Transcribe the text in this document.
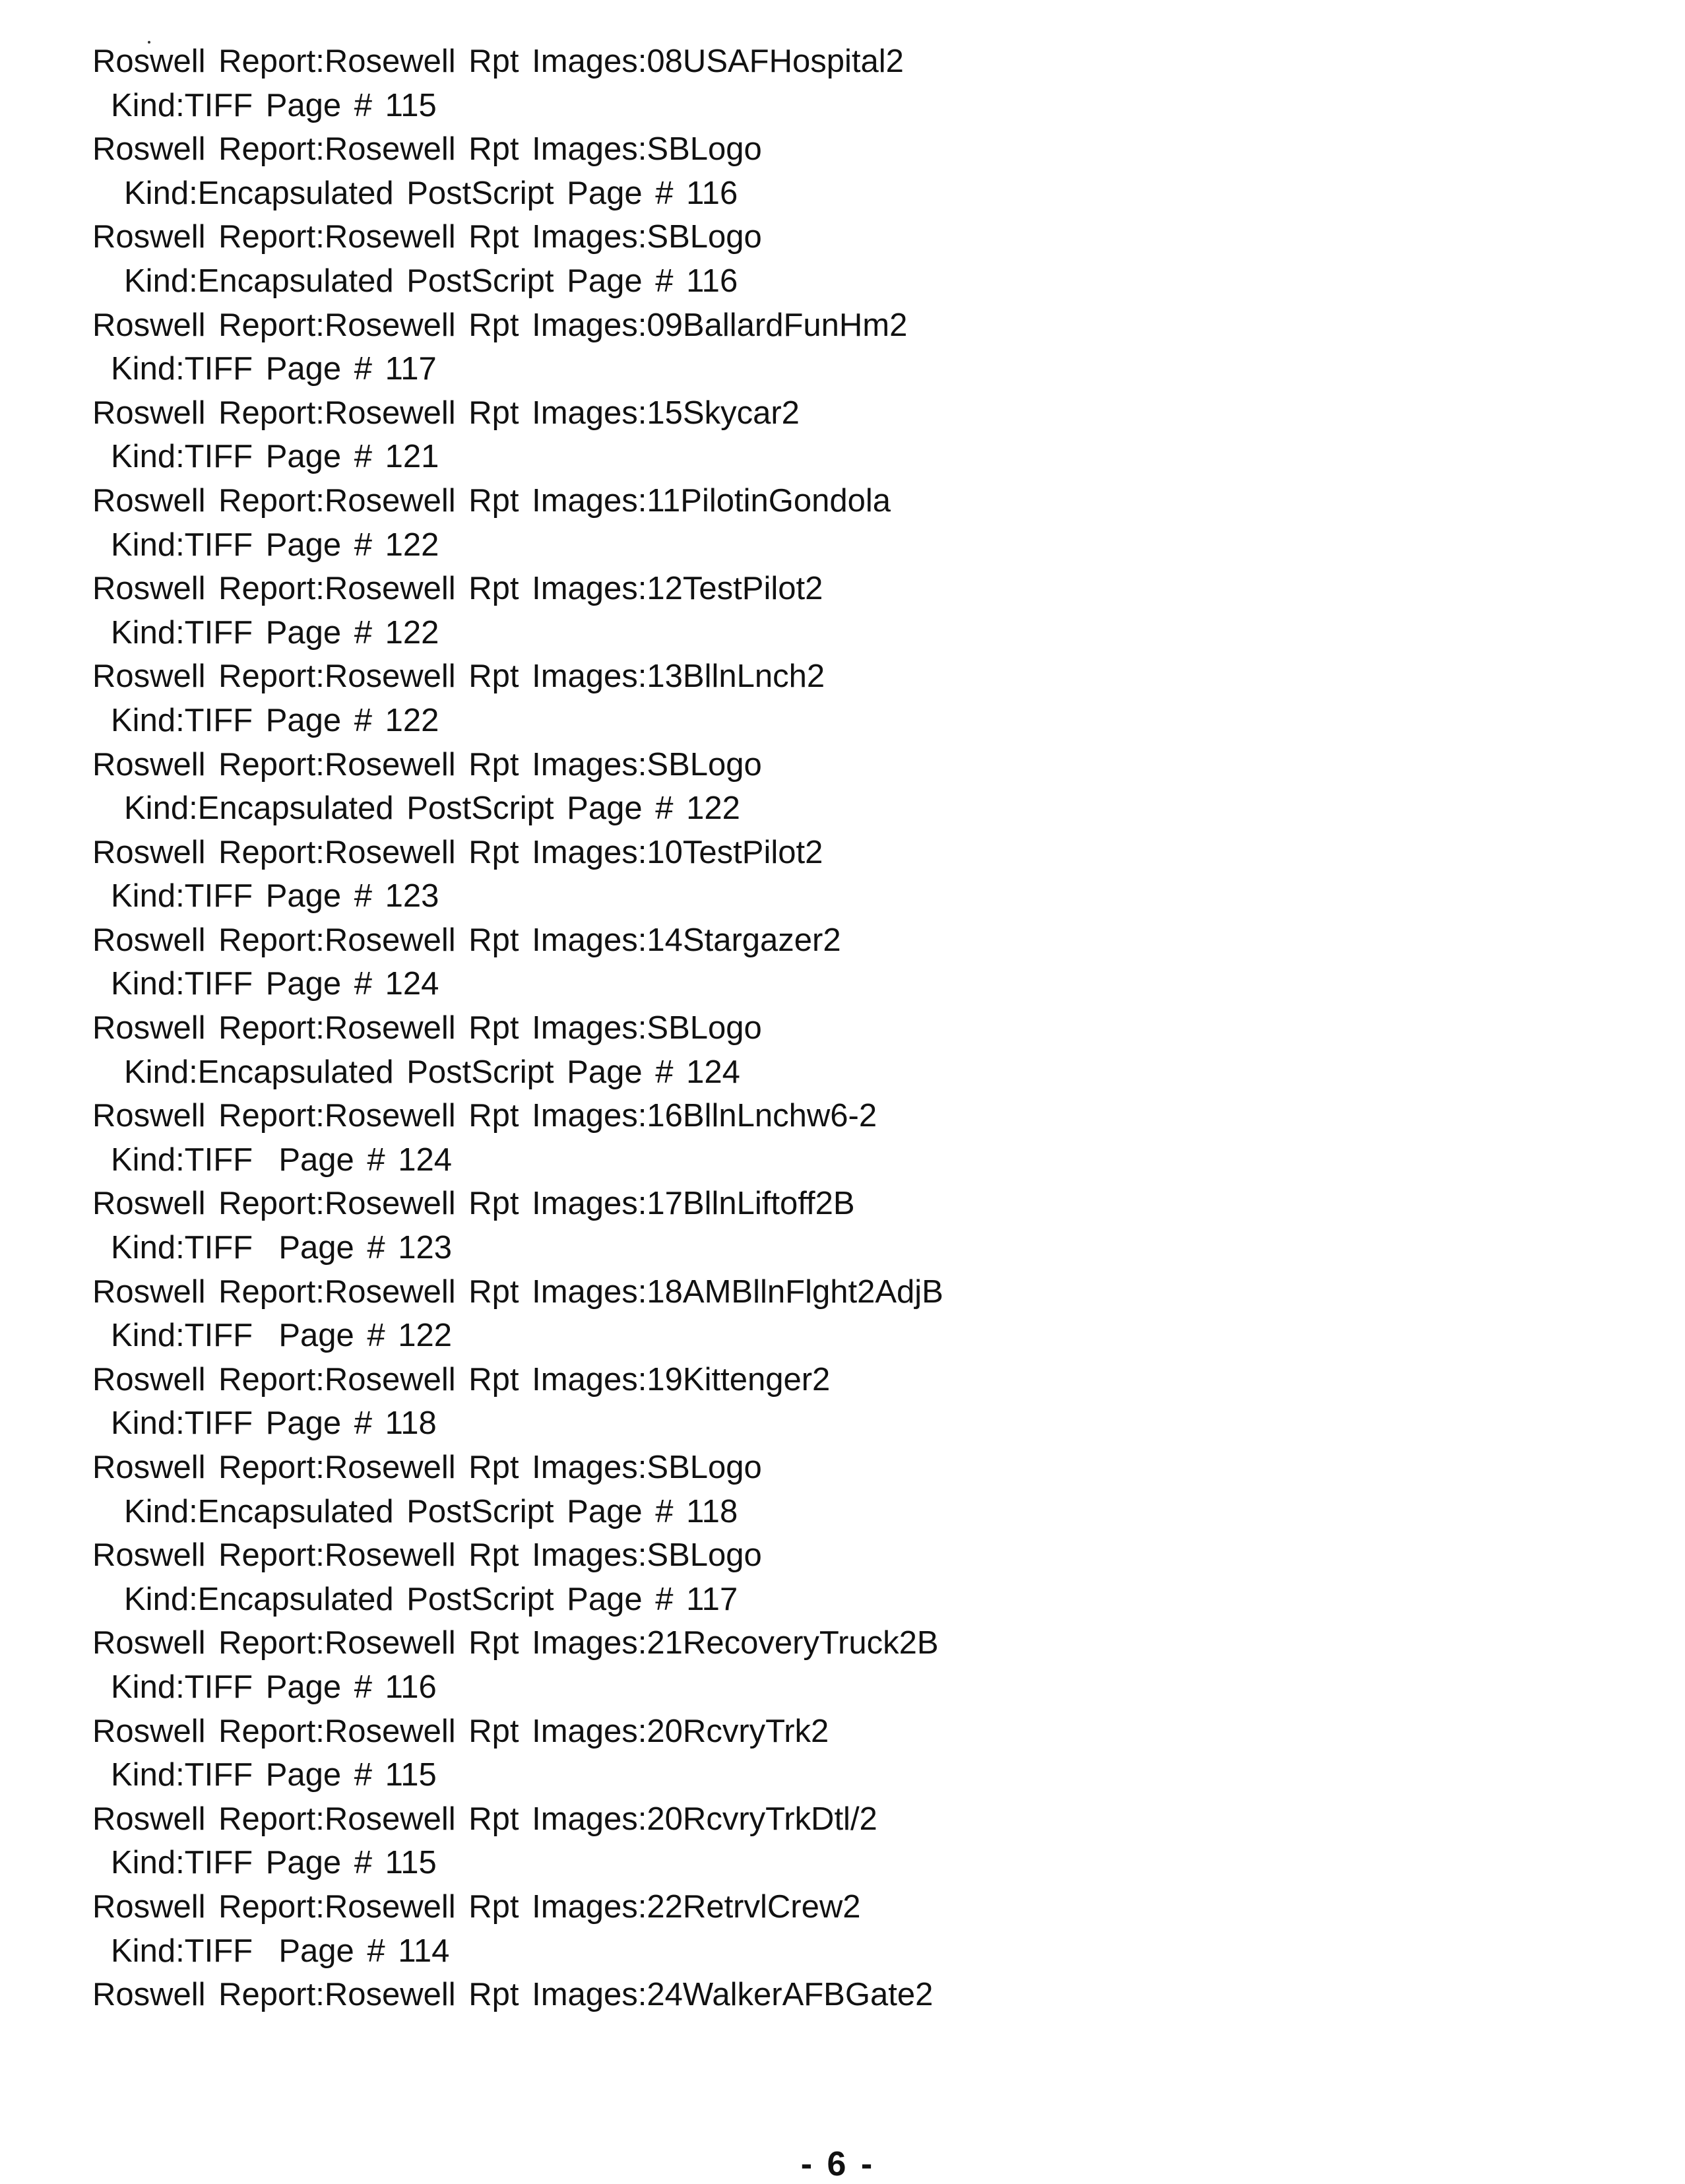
Roswell Report:Rosewell Rpt Images:08USAFHospital2
Kind:TIFF Page # 115
Roswell Report:Rosewell Rpt Images:SBLogo
Kind:Encapsulated PostScript Page # 116
Roswell Report:Rosewell Rpt Images:SBLogo
Kind:Encapsulated PostScript Page # 116
Roswell Report:Rosewell Rpt Images:09BallardFunHm2
Kind:TIFF Page # 117
Roswell Report:Rosewell Rpt Images:15Skycar2
Kind:TIFF Page # 121
Roswell Report:Rosewell Rpt Images:11PilotinGondola
Kind:TIFF Page # 122
Roswell Report:Rosewell Rpt Images:12TestPilot2
Kind:TIFF Page # 122
Roswell Report:Rosewell Rpt Images:13BllnLnch2
Kind:TIFF Page # 122
Roswell Report:Rosewell Rpt Images:SBLogo
Kind:Encapsulated PostScript Page # 122
Roswell Report:Rosewell Rpt Images:10TestPilot2
Kind:TIFF Page # 123
Roswell Report:Rosewell Rpt Images:14Stargazer2
Kind:TIFF Page # 124
Roswell Report:Rosewell Rpt Images:SBLogo
Kind:Encapsulated PostScript Page # 124
Roswell Report:Rosewell Rpt Images:16BllnLnchw6-2
Kind:TIFF  Page # 124
Roswell Report:Rosewell Rpt Images:17BllnLiftoff2B
Kind:TIFF  Page # 123
Roswell Report:Rosewell Rpt Images:18AMBllnFlght2AdjB
Kind:TIFF  Page # 122
Roswell Report:Rosewell Rpt Images:19Kittenger2
Kind:TIFF Page # 118
Roswell Report:Rosewell Rpt Images:SBLogo
Kind:Encapsulated PostScript Page # 118
Roswell Report:Rosewell Rpt Images:SBLogo
Kind:Encapsulated PostScript Page # 117
Roswell Report:Rosewell Rpt Images:21RecoveryTruck2B
Kind:TIFF Page # 116
Roswell Report:Rosewell Rpt Images:20RcvryTrk2
Kind:TIFF Page # 115
Roswell Report:Rosewell Rpt Images:20RcvryTrkDtl/2
Kind:TIFF Page # 115
Roswell Report:Rosewell Rpt Images:22RetrvlCrew2
Kind:TIFF  Page # 114
Roswell Report:Rosewell Rpt Images:24WalkerAFBGate2
- 6 -
